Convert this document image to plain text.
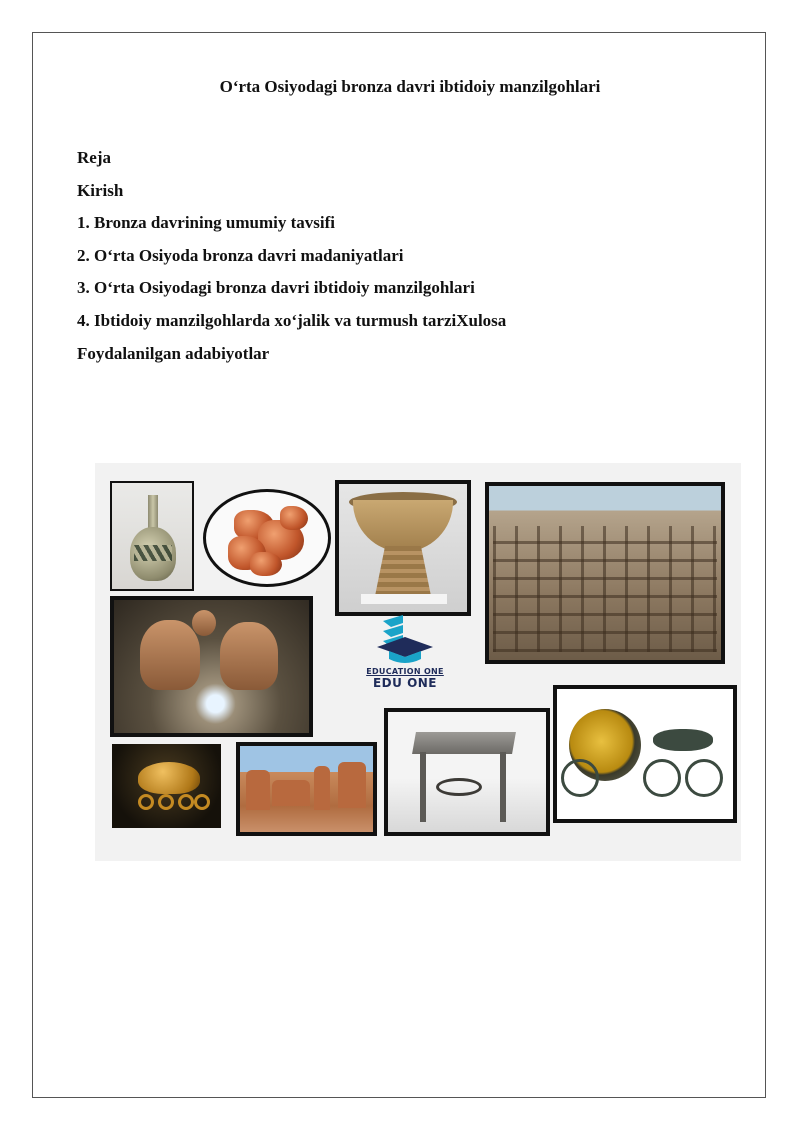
O‘rta Osiyodagi bronza davri ibtidoiy manzilgohlari
Reja
Kirish
1. Bronza davrining umumiy tavsifi
2. O‘rta Osiyoda bronza davri madaniyatlari
3. O‘rta Osiyodagi bronza davri ibtidoiy manzilgohlari
4. Ibtidoiy manzilgohlarda xo‘jalik va turmush tarziXulosa
Foydalanilgan adabiyotlar
EDUCATION ONE
EDU ONE
